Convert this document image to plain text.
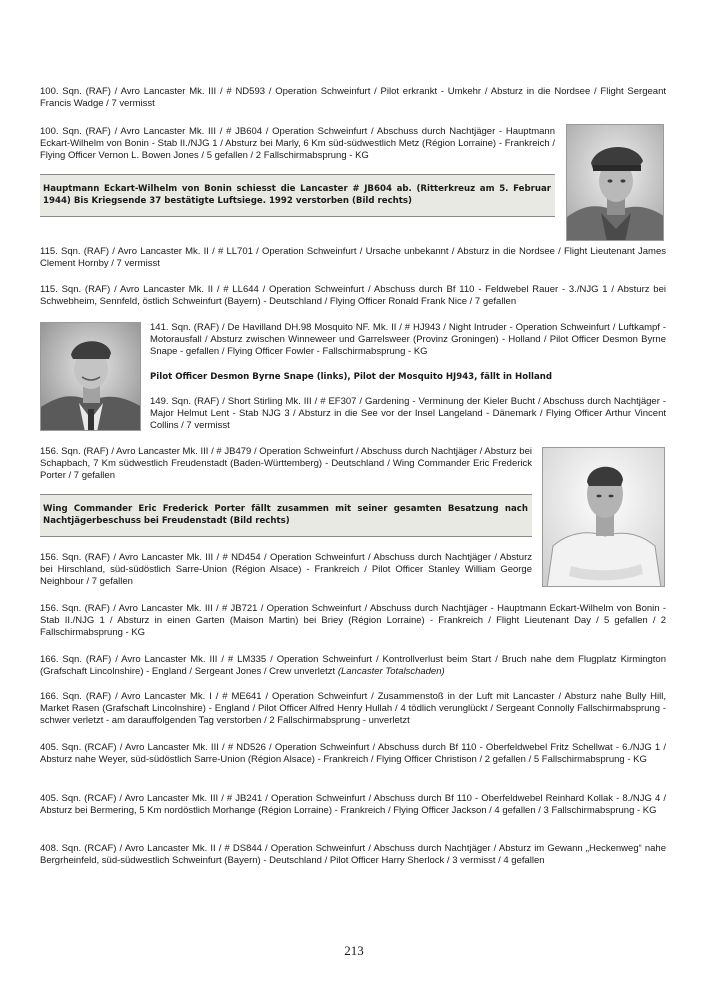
100. Sqn. (RAF) / Avro Lancaster Mk. III / # ND593 / Operation Schweinfurt / Pilot erkrankt - Umkehr / Absturz in die Nordsee / Flight Sergeant Francis Wadge / 7 vermisst

100. Sqn. (RAF) / Avro Lancaster Mk. III / # JB604 / Operation Schweinfurt / Abschuss durch Nachtjäger - Hauptmann Eckart-Wilhelm von Bonin - Stab II./NJG 1 / Absturz bei Marly, 6 Km süd-südwestlich Metz (Région Lorraine) - Frankreich / Flying Officer Vernon L. Bowen Jones / 5 gefallen / 2 Fallschirmabsprung - KG

Hauptmann Eckart-Wilhelm von Bonin schiesst die Lancaster # JB604 ab. (Ritterkreuz am 5. Februar 1944) Bis Kriegsende 37 bestätigte Luftsiege. 1992 verstorben (Bild rechts)

115. Sqn. (RAF) / Avro Lancaster Mk. II / # LL701 / Operation Schweinfurt / Ursache unbekannt / Absturz in die Nordsee / Flight Lieutenant James Clement Hornby / 7 vermisst

115. Sqn. (RAF) / Avro Lancaster Mk. II / # LL644 / Operation Schweinfurt / Abschuss durch Bf 110 - Feldwebel Rauer - 3./NJG 1 / Absturz bei Schwebheim, Sennfeld, östlich Schweinfurt (Bayern) - Deutschland / Flying Officer Ronald Frank Nice / 7 gefallen

141. Sqn. (RAF) / De Havilland DH.98 Mosquito NF. Mk. II / # HJ943 / Night Intruder - Operation Schweinfurt / Luftkampf - Motorausfall / Absturz zwischen Winneweer und Garrelsweer (Provinz Groningen) - Holland / Pilot Officer Desmon Byrne Snape - gefallen / Flying Officer Fowler - Fallschirmabsprung - KG

Pilot Officer Desmon Byrne Snape (links), Pilot der Mosquito HJ943, fällt in Holland

149. Sqn. (RAF) / Short Stirling Mk. III / # EF307 / Gardening - Verminung der Kieler Bucht / Abschuss durch Nachtjäger - Major Helmut Lent - Stab NJG 3 / Absturz in die See vor der Insel Langeland - Dänemark / Flying Officer Arthur Vincent Collins / 7 vermisst

156. Sqn. (RAF) / Avro Lancaster Mk. III / # JB479 / Operation Schweinfurt / Abschuss durch Nachtjäger / Absturz bei Schapbach, 7 Km südwestlich Freudenstadt (Baden-Württemberg) - Deutschland / Wing Commander Eric Frederick Porter / 7 gefallen

Wing Commander Eric Frederick Porter fällt zusammen mit seiner gesamten Besatzung nach Nachtjägerbeschuss bei Freudenstadt (Bild rechts)

156. Sqn. (RAF) / Avro Lancaster Mk. III / # ND454 / Operation Schweinfurt / Abschuss durch Nachtjäger / Absturz bei Hirschland, süd-südöstlich Sarre-Union (Région Alsace) - Frankreich / Pilot Officer Stanley William George Neighbour / 7 gefallen

156. Sqn. (RAF) / Avro Lancaster Mk. III / # JB721 / Operation Schweinfurt / Abschuss durch Nachtjäger - Hauptmann Eckart-Wilhelm von Bonin - Stab II./NJG 1 / Absturz in einen Garten (Maison Martin) bei Briey (Région Lorraine) - Frankreich / Flight Lieutenant Day / 5 gefallen / 2 Fallschirmabsprung - KG

166. Sqn. (RAF) / Avro Lancaster Mk. III / # LM335 / Operation Schweinfurt / Kontrollverlust beim Start / Bruch nahe dem Flugplatz Kirmington (Grafschaft Lincolnshire) - England / Sergeant Jones / Crew unverletzt (Lancaster Totalschaden)

166. Sqn. (RAF) / Avro Lancaster Mk. I / # ME641 / Operation Schweinfurt / Zusammenstoß in der Luft mit Lancaster / Absturz nahe Bully Hill, Market Rasen (Grafschaft Lincolnshire) - England / Pilot Officer Alfred Henry Hullah / 4 tödlich verunglückt / Sergeant Connolly Fallschirmabsprung - schwer verletzt - am darauffolgenden Tag verstorben / 2 Fallschirmabsprung - unverletzt

405. Sqn. (RCAF) / Avro Lancaster Mk. III / # ND526 / Operation Schweinfurt / Abschuss durch Bf 110 - Oberfeldwebel Fritz Schellwat - 6./NJG 1 / Absturz nahe Weyer, süd-südöstlich Sarre-Union (Région Alsace) - Frankreich / Flying Officer Christison / 2 gefallen / 5 Fallschirmabsprung - KG

405. Sqn. (RCAF) / Avro Lancaster Mk. III / # JB241 / Operation Schweinfurt / Abschuss durch Bf 110 - Oberfeldwebel Reinhard Kollak - 8./NJG 4 / Absturz bei Bermering, 5 Km nordöstlich Morhange (Région Lorraine) - Frankreich / Flying Officer Jackson / 4 gefallen / 3 Fallschirmabsprung - KG

408. Sqn. (RCAF) / Avro Lancaster Mk. II / # DS844 / Operation Schweinfurt / Abschuss durch Nachtjäger / Absturz im Gewann „Heckenweg“ nahe Bergrheinfeld, süd-südwestlich Schweinfurt (Bayern) - Deutschland / Pilot Officer Harry Sherlock / 3 vermisst / 4 gefallen

213
